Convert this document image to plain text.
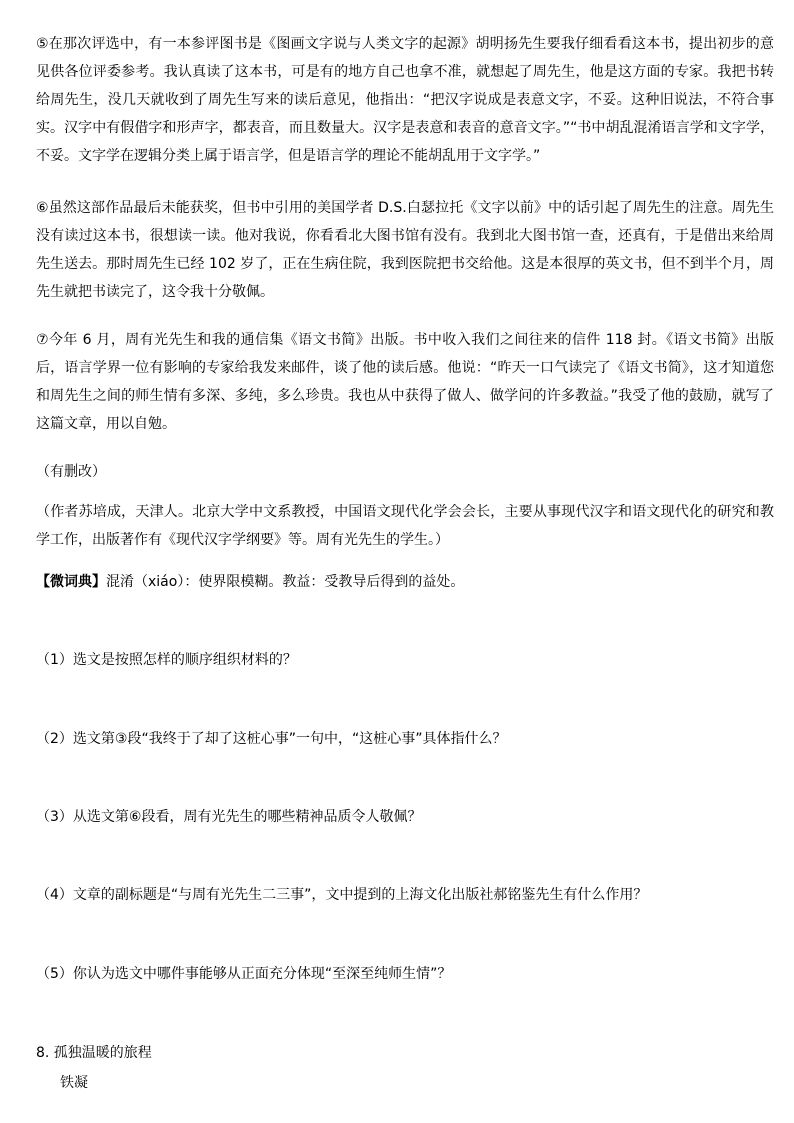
⑤在那次评选中，有一本参评图书是《图画文字说与人类文字的起源》胡明扬先生要我仔细看看这本书，提出初步的意见供各位评委参考。我认真读了这本书，可是有的地方自己也拿不准，就想起了周先生，他是这方面的专家。我把书转给周先生，没几天就收到了周先生写来的读后意见，他指出：“把汉字说成是表意文字，不妥。这种旧说法，不符合事实。汉字中有假借字和形声字，都表音，而且数量大。汉字是表意和表音的意音文字。”“书中胡乱混淆语言学和文字学，不妥。文字学在逻辑分类上属于语言学，但是语言学的理论不能胡乱用于文字学。”

⑥虽然这部作品最后未能获奖，但书中引用的美国学者 D.S.白瑟拉托《文字以前》中的话引起了周先生的注意。周先生没有读过这本书，很想读一读。他对我说，你看看北大图书馆有没有。我到北大图书馆一查，还真有，于是借出来给周先生送去。那时周先生已经 102 岁了，正在生病住院，我到医院把书交给他。这是本很厚的英文书，但不到半个月，周先生就把书读完了，这令我十分敬佩。

⑦今年 6 月，周有光先生和我的通信集《语文书简》出版。书中收入我们之间往来的信件 118 封。《语文书简》出版后，语言学界一位有影响的专家给我发来邮件，谈了他的读后感。他说：“昨天一口气读完了《语文书简》，这才知道您和周先生之间的师生情有多深、多纯，多么珍贵。我也从中获得了做人、做学问的许多教益。”我受了他的鼓励，就写了这篇文章，用以自勉。

（有删改）

（作者苏培成，天津人。北京大学中文系教授，中国语文现代化学会会长，主要从事现代汉字和语文现代化的研究和教学工作，出版著作有《现代汉字学纲要》等。周有光先生的学生。）

【微词典】混淆（xiáo）：使界限模糊。教益：受教导后得到的益处。

（1）选文是按照怎样的顺序组织材料的？

（2）选文第③段“我终于了却了这桩心事”一句中，“这桩心事”具体指什么？

（3）从选文第⑥段看，周有光先生的哪些精神品质令人敬佩？

（4）文章的副标题是“与周有光先生二三事”，文中提到的上海文化出版社郝铭鉴先生有什么作用？

（5）你认为选文中哪件事能够从正面充分体现“至深至纯师生情”？

8. 孤独温暖的旅程

铁凝
